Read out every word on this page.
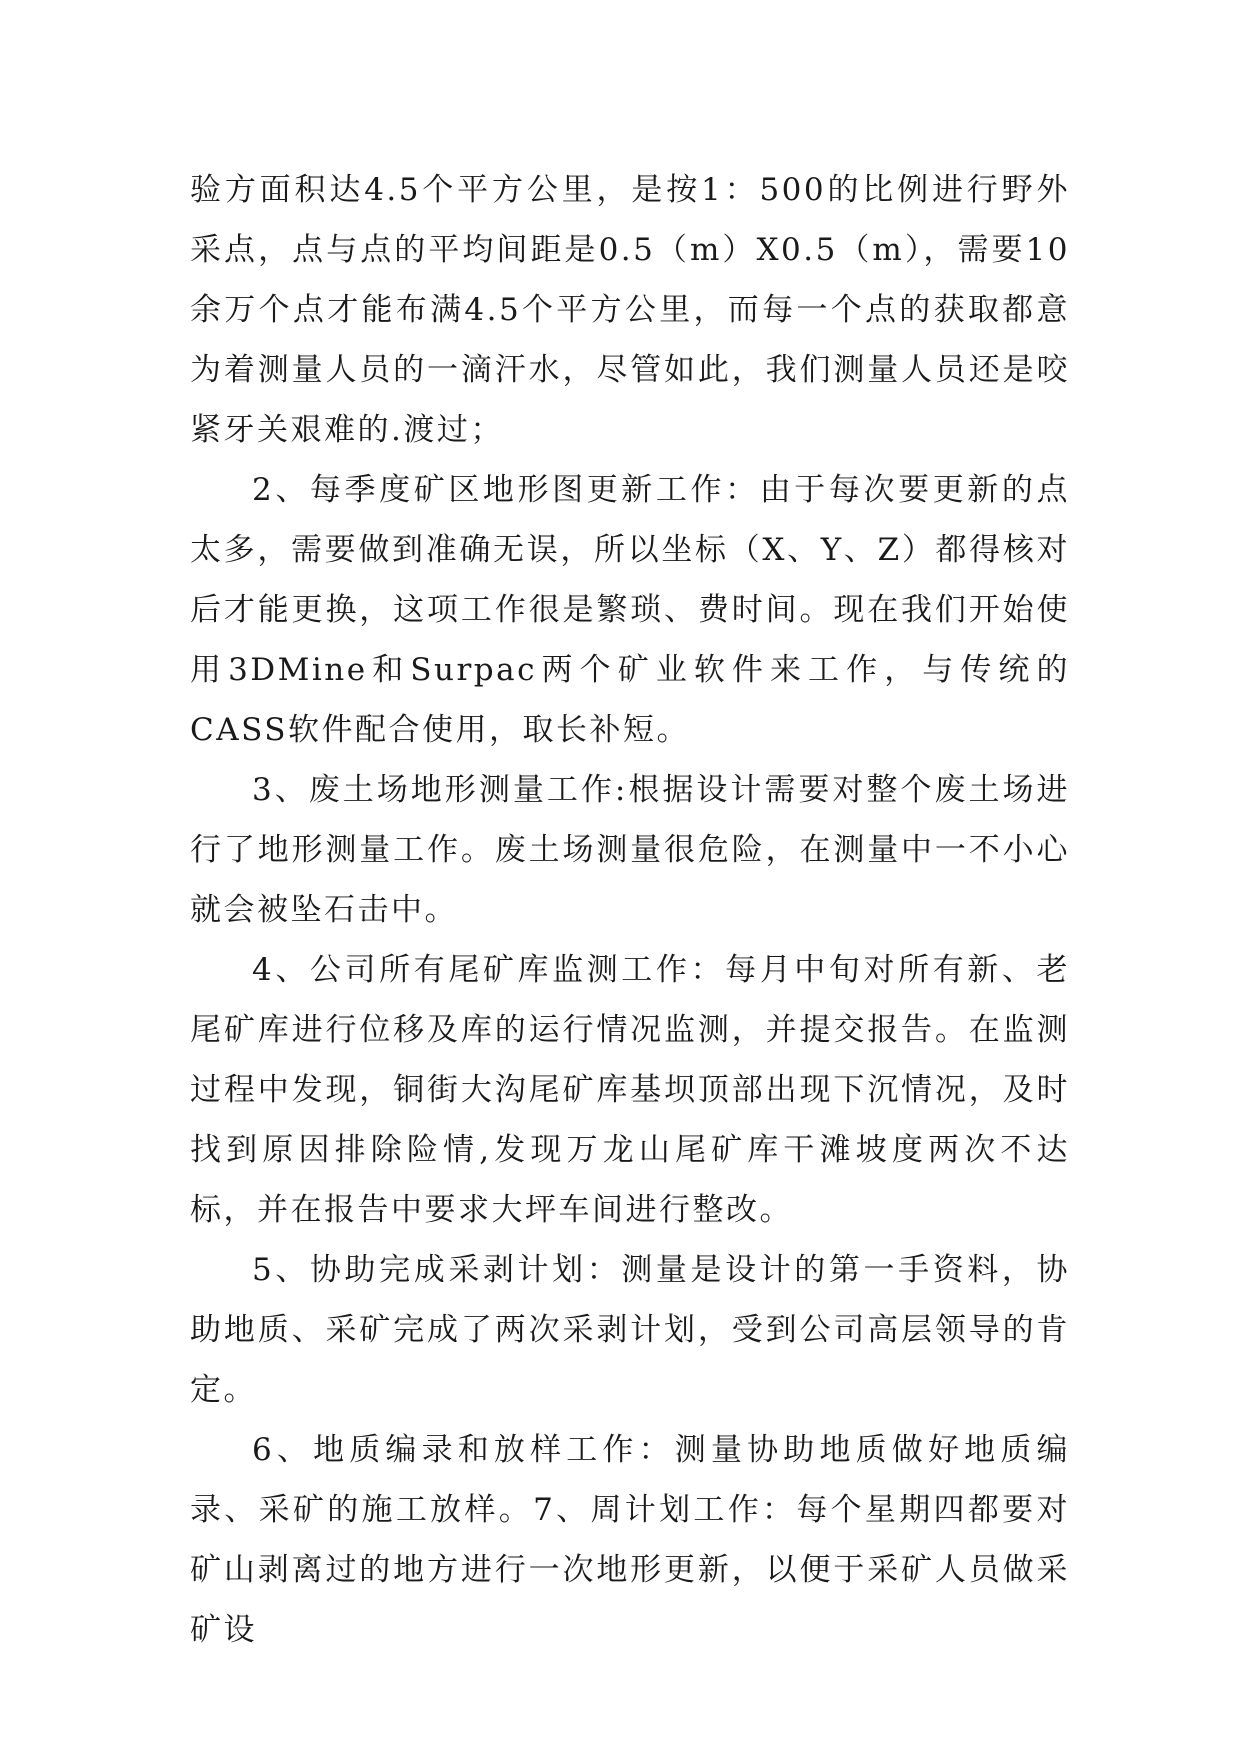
验方面积达4.5个平方公里，是按1：500的比例进行野外采点，点与点的平均间距是0.5（m）X0.5（m），需要10余万个点才能布满4.5个平方公里，而每一个点的获取都意为着测量人员的一滴汗水，尽管如此，我们测量人员还是咬紧牙关艰难的.渡过；

2、每季度矿区地形图更新工作：由于每次要更新的点太多，需要做到准确无误，所以坐标（X、Y、Z）都得核对后才能更换，这项工作很是繁琐、费时间。现在我们开始使用3DMine和Surpac两个矿业软件来工作，与传统的CASS软件配合使用，取长补短。

3、废土场地形测量工作:根据设计需要对整个废土场进行了地形测量工作。废土场测量很危险，在测量中一不小心就会被坠石击中。

4、公司所有尾矿库监测工作：每月中旬对所有新、老尾矿库进行位移及库的运行情况监测，并提交报告。在监测过程中发现，铜街大沟尾矿库基坝顶部出现下沉情况，及时找到原因排除险情,发现万龙山尾矿库干滩坡度两次不达标，并在报告中要求大坪车间进行整改。

5、协助完成采剥计划：测量是设计的第一手资料，协助地质、采矿完成了两次采剥计划，受到公司高层领导的肯定。

6、地质编录和放样工作：测量协助地质做好地质编录、采矿的施工放样。7、周计划工作：每个星期四都要对矿山剥离过的地方进行一次地形更新，以便于采矿人员做采矿设
